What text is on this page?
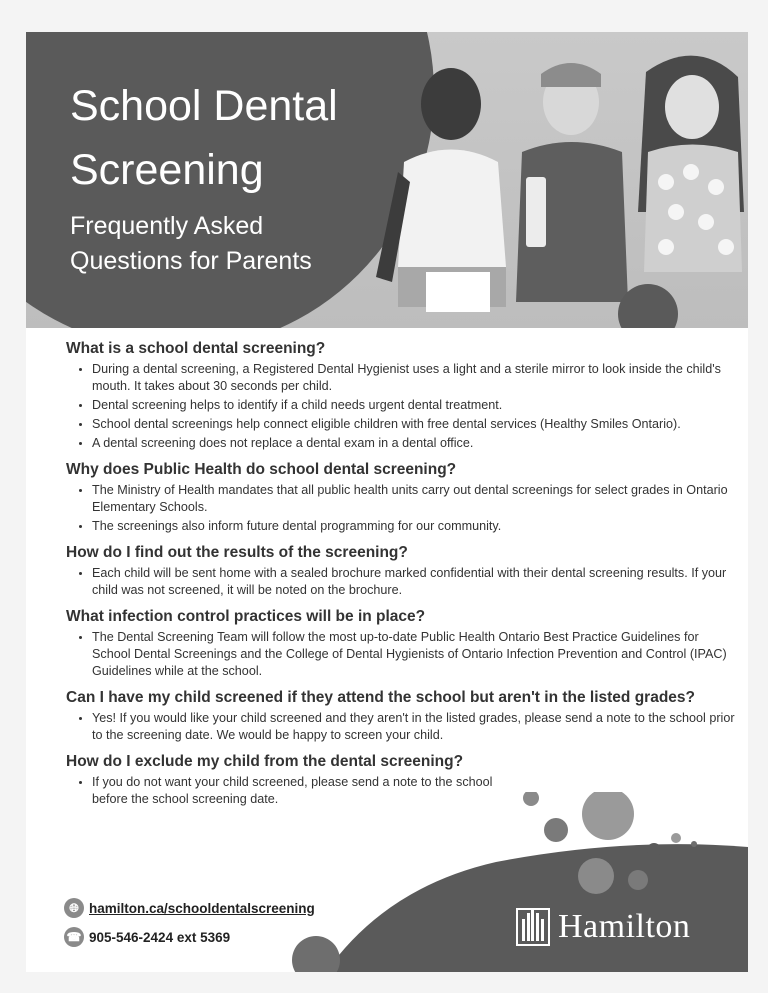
School Dental
Screening
Frequently Asked
Questions for Parents
What is a school dental screening?
• During a dental screening, a Registered Dental Hygienist uses a light and a sterile mirror to look inside the child's mouth. It takes about 30 seconds per child.
• Dental screening helps to identify if a child needs urgent dental treatment.
• School dental screenings help connect eligible children with free dental services (Healthy Smiles Ontario).
• A dental screening does not replace a dental exam in a dental office.
Why does Public Health do school dental screening?
• The Ministry of Health mandates that all public health units carry out dental screenings for select grades in Ontario Elementary Schools.
• The screenings also inform future dental programming for our community.
How do I find out the results of the screening?
• Each child will be sent home with a sealed brochure marked confidential with their dental screening results. If your child was not screened, it will be noted on the brochure.
What infection control practices will be in place?
• The Dental Screening Team will follow the most up-to-date Public Health Ontario Best Practice Guidelines for School Dental Screenings and the College of Dental Hygienists of Ontario Infection Prevention and Control (IPAC) Guidelines while at the school.
Can I have my child screened if they attend the school but aren't in the listed grades?
• Yes! If you would like your child screened and they aren't in the listed grades, please send a note to the school prior to the screening date. We would be happy to screen your child.
How do I exclude my child from the dental screening?
• If you do not want your child screened, please send a note to the school before the school screening date.
🌐︎ hamilton.ca/schooldentalscreening
☎ 905-546-2424 ext 5369	Hamilton
